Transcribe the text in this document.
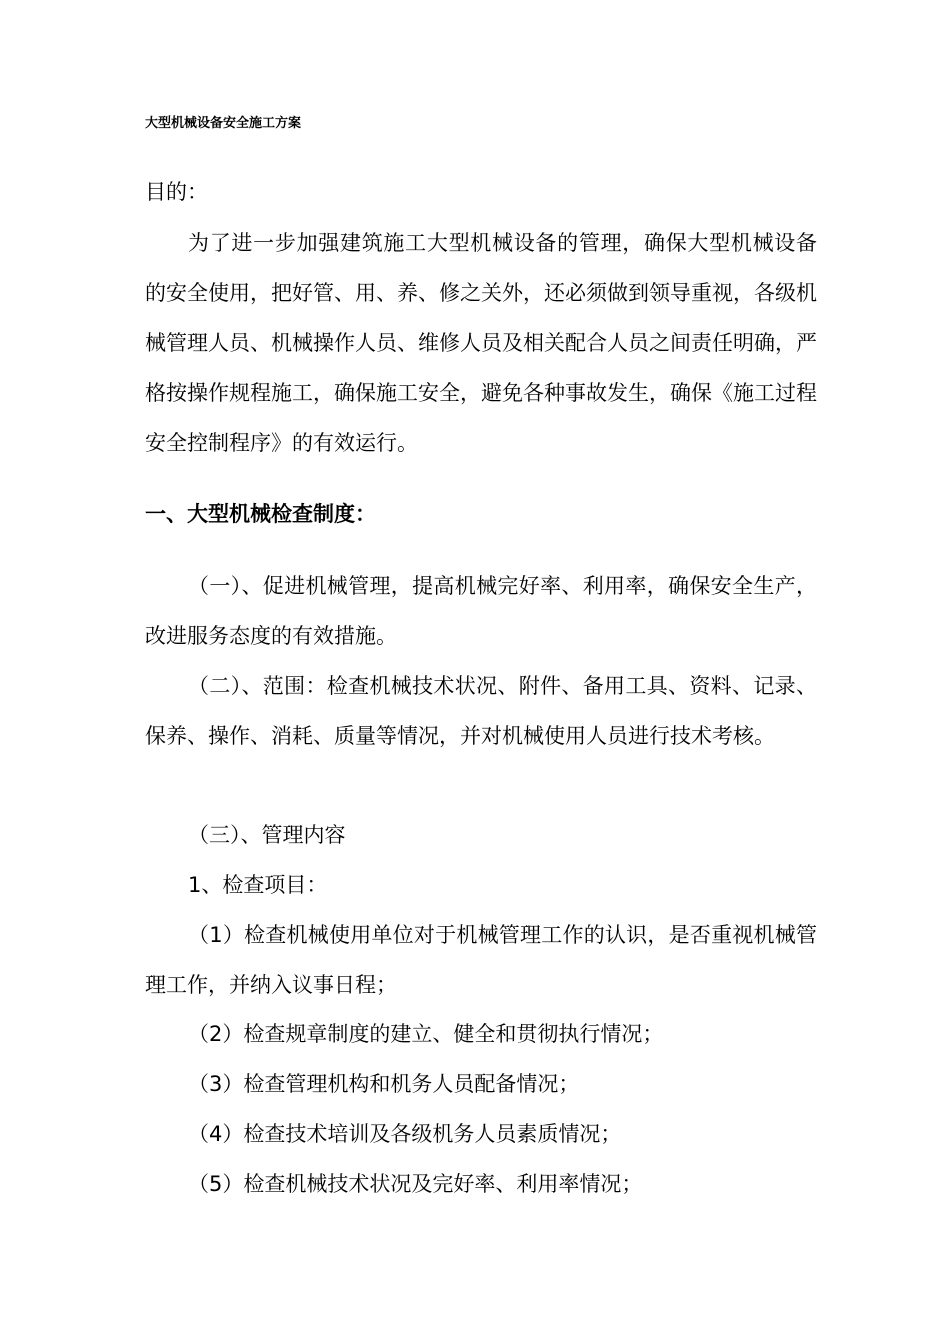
大型机械设备安全施工方案
目的：

为了进一步加强建筑施工大型机械设备的管理，确保大型机械设备的安全使用，把好管、用、养、修之关外，还必须做到领导重视，各级机械管理人员、机械操作人员、维修人员及相关配合人员之间责任明确，严格按操作规程施工，确保施工安全，避免各种事故发生，确保《施工过程安全控制程序》的有效运行。

一、大型机械检查制度：

（一）、促进机械管理，提高机械完好率、利用率，确保安全生产，改进服务态度的有效措施。

（二）、范围：检查机械技术状况、附件、备用工具、资料、记录、保养、操作、消耗、质量等情况，并对机械使用人员进行技术考核。

（三）、管理内容

1、检查项目：

（1）检查机械使用单位对于机械管理工作的认识，是否重视机械管理工作，并纳入议事日程；

（2）检查规章制度的建立、健全和贯彻执行情况；

（3）检查管理机构和机务人员配备情况；

（4）检查技术培训及各级机务人员素质情况；

（5）检查机械技术状况及完好率、利用率情况；
